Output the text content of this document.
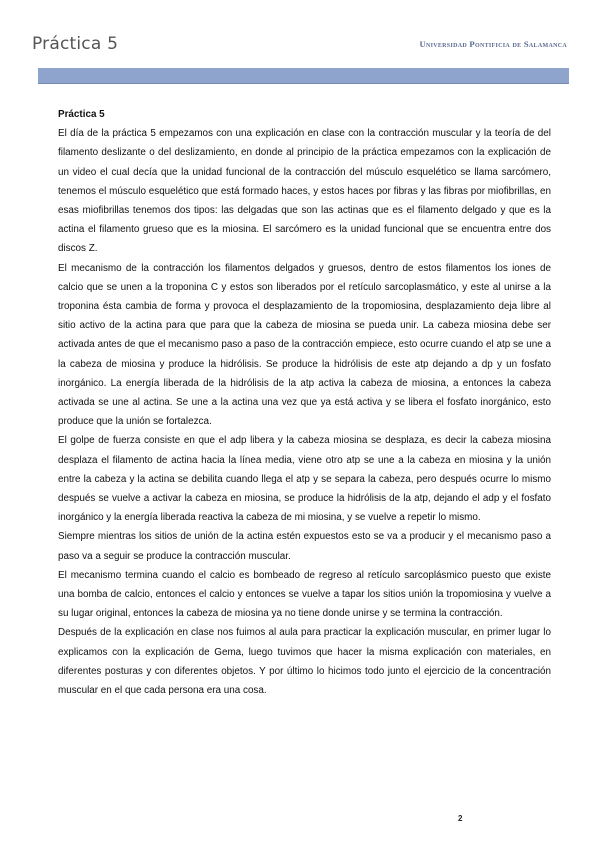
Práctica 5	Universidad Pontificia de Salamanca

Práctica 5

El día de la práctica 5 empezamos con una explicación en clase con la contracción muscular y la teoría de del filamento deslizante o del deslizamiento, en donde al principio de la práctica empezamos con la explicación de un video el cual decía que la unidad funcional de la contracción del músculo esquelético se llama sarcómero, tenemos el músculo esquelético que está formado haces, y estos haces por fibras y las fibras por miofibrillas, en esas miofibrillas tenemos dos tipos: las delgadas que son las actinas que es el filamento delgado y que es la actina el filamento grueso que es la miosina. El sarcómero es la unidad funcional que se encuentra entre dos discos Z.

El mecanismo de la contracción los filamentos delgados y gruesos, dentro de estos filamentos los iones de calcio que se unen a la troponina C y estos son liberados por el retículo sarcoplasmático, y este al unirse a la troponina ésta cambia de forma y provoca el desplazamiento de la tropomiosina, desplazamiento deja libre al sitio activo de la actina para que para que la cabeza de miosina se pueda unir. La cabeza miosina debe ser activada antes de que el mecanismo paso a paso de la contracción empiece, esto ocurre cuando el atp se une a la cabeza de miosina y produce la hidrólisis. Se produce la hidrólisis de este atp dejando a dp y un fosfato inorgánico. La energía liberada de la hidrólisis de la atp activa la cabeza de miosina, a entonces la cabeza activada se une al actina. Se une a la actina una vez que ya está activa y se libera el fosfato inorgánico, esto produce que la unión se fortalezca.

El golpe de fuerza consiste en que el adp libera y la cabeza miosina se desplaza, es decir la cabeza miosina desplaza el filamento de actina hacia la línea media, viene otro atp se une a la cabeza en miosina y la unión entre la cabeza y la actina se debilita cuando llega el atp y se separa la cabeza, pero después ocurre lo mismo después se vuelve a activar la cabeza en miosina, se produce la hidrólisis de la atp, dejando el adp y el fosfato inorgánico y la energía liberada reactiva la cabeza de mi miosina, y se vuelve a repetir lo mismo.

Siempre mientras los sitios de unión de la actina estén expuestos esto se va a producir y el mecanismo paso a paso va a seguir se produce la contracción muscular.

El mecanismo termina cuando el calcio es bombeado de regreso al retículo sarcoplásmico puesto que existe una bomba de calcio, entonces el calcio y entonces se vuelve a tapar los sitios unión la tropomiosina y vuelve a su lugar original, entonces la cabeza de miosina ya no tiene donde unirse y se termina la contracción.

Después de la explicación en clase nos fuimos al aula para practicar la explicación muscular, en primer lugar lo explicamos con la explicación de Gema, luego tuvimos que hacer la misma explicación con materiales, en diferentes posturas y con diferentes objetos. Y por último lo hicimos todo junto el ejercicio de la concentración muscular en el que cada persona era una cosa.

2
